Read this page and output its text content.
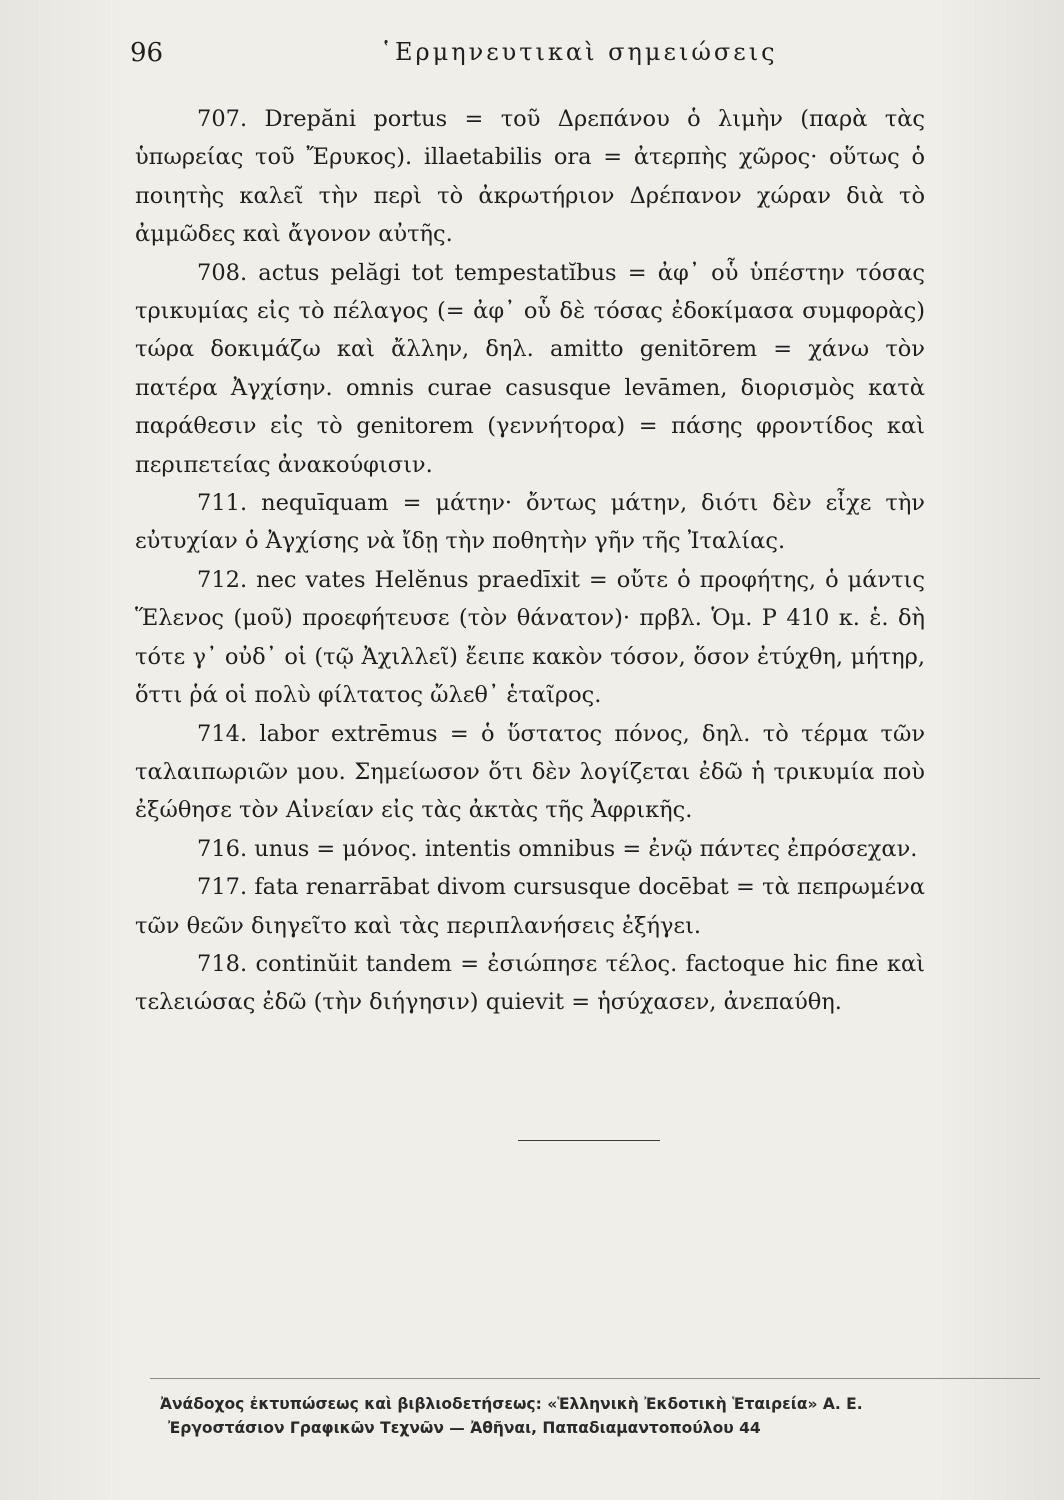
96	῾Ερμηνευτικαὶ σημειώσεις

707. Drepăni portus = τοῦ Δρεπάνου ὁ λιμὴν (παρὰ τὰς ὑπωρείας τοῦ Ἔρυκος). illaetabilis ora = ἀτερπὴς χῶρος· οὕτως ὁ ποιητὴς καλεῖ τὴν περὶ τὸ ἀκρωτήριον Δρέπανον χώραν διὰ τὸ ἀμμῶδες καὶ ἄγονον αὐτῆς.

708. actus pelăgi tot tempestatĭbus = ἀφ᾽ οὗ ὑπέστην τόσας τρικυμίας εἰς τὸ πέλαγος (= ἀφ᾽ οὗ δὲ τόσας ἐδοκίμασα συμφορὰς) τώρα δοκιμάζω καὶ ἄλλην, δηλ. amitto genitōrem = χάνω τὸν πατέρα Ἀγχίσην. omnis curae casusque levāmen, διορισμὸς κατὰ παράθεσιν εἰς τὸ genitorem (γεννήτορα) = πάσης φροντίδος καὶ περιπετείας ἀνακούφισιν.

711. nequīquam = μάτην· ὄντως μάτην, διότι δὲν εἶχε τὴν εὐτυχίαν ὁ Ἀγχίσης νὰ ἴδῃ τὴν ποθητὴν γῆν τῆς Ἰταλίας.

712. nec vates Helĕnus praedīxit = οὔτε ὁ προφήτης, ὁ μάντις Ἕλενος (μοῦ) προεφήτευσε (τὸν θάνατον)· πρβλ. Ὁμ. Ρ 410 κ. ἑ. δὴ τότε γ᾽ οὐδ᾽ οἱ (τῷ Ἀχιλλεῖ) ἔειπε κακὸν τόσον, ὅσον ἐτύχθη, μήτηρ, ὅττι ῥά οἱ πολὺ φίλτατος ὤλεθ᾽ ἑταῖρος.

714. labor extrēmus = ὁ ὕστατος πόνος, δηλ. τὸ τέρμα τῶν ταλαιπωριῶν μου. Σημείωσον ὅτι δὲν λογίζεται ἐδῶ ἡ τρικυμία ποὺ ἐξώθησε τὸν Αἰνείαν εἰς τὰς ἀκτὰς τῆς Ἀφρικῆς.

716. unus = μόνος. intentis omnibus = ἐνῷ πάντες ἐπρόσεχαν.

717. fata renarrābat divom cursusque docēbat = τὰ πεπρωμένα τῶν θεῶν διηγεῖτο καὶ τὰς περιπλανήσεις ἐξήγει.

718. continŭit tandem = ἐσιώπησε τέλος. factoque hic fine καὶ τελειώσας ἐδῶ (τὴν διήγησιν) quievit = ἡσύχασεν, ἀνεπαύθη.

Ἀνάδοχος ἐκτυπώσεως καὶ βιβλιοδετήσεως: «Ἑλληνικὴ Ἐκδοτικὴ Ἑταιρεία» Α. Ε.

Ἐργοστάσιον Γραφικῶν Τεχνῶν — Ἀθῆναι, Παπαδιαμαντοπούλου 44
